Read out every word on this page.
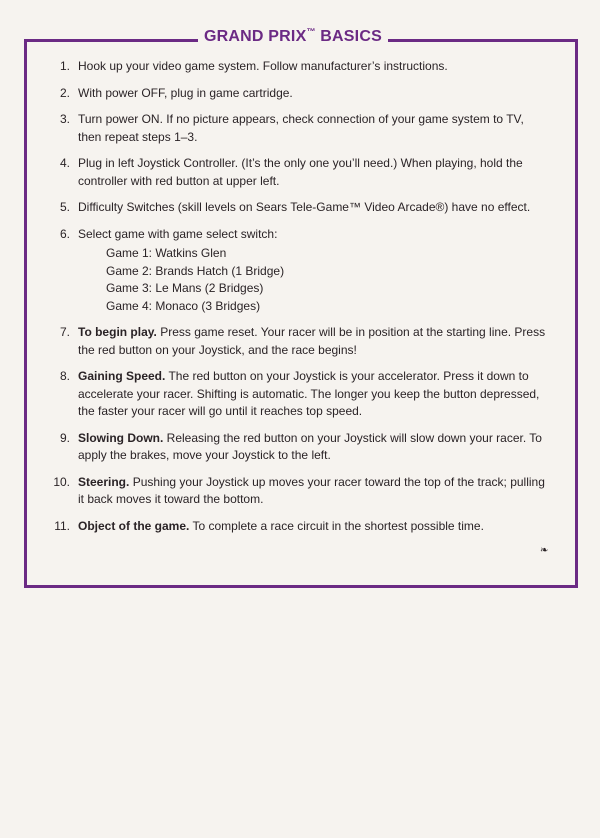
GRAND PRIX™ BASICS
1. Hook up your video game system. Follow manufacturer’s instructions.
2. With power OFF, plug in game cartridge.
3. Turn power ON. If no picture appears, check connection of your game system to TV, then repeat steps 1–3.
4. Plug in left Joystick Controller. (It’s the only one you’ll need.) When playing, hold the controller with red button at upper left.
5. Difficulty Switches (skill levels on Sears Tele-Game™ Video Arcade®) have no effect.
6. Select game with game select switch:
Game 1: Watkins Glen
Game 2: Brands Hatch (1 Bridge)
Game 3: Le Mans (2 Bridges)
Game 4: Monaco (3 Bridges)
7. To begin play. Press game reset. Your racer will be in position at the starting line. Press the red button on your Joystick, and the race begins!
8. Gaining Speed. The red button on your Joystick is your accelerator. Press it down to accelerate your racer. Shifting is automatic. The longer you keep the button depressed, the faster your racer will go until it reaches top speed.
9. Slowing Down. Releasing the red button on your Joystick will slow down your racer. To apply the brakes, move your Joystick to the left.
10. Steering. Pushing your Joystick up moves your racer toward the top of the track; pulling it back moves it toward the bottom.
11. Object of the game. To complete a race circuit in the shortest possible time.
❧
